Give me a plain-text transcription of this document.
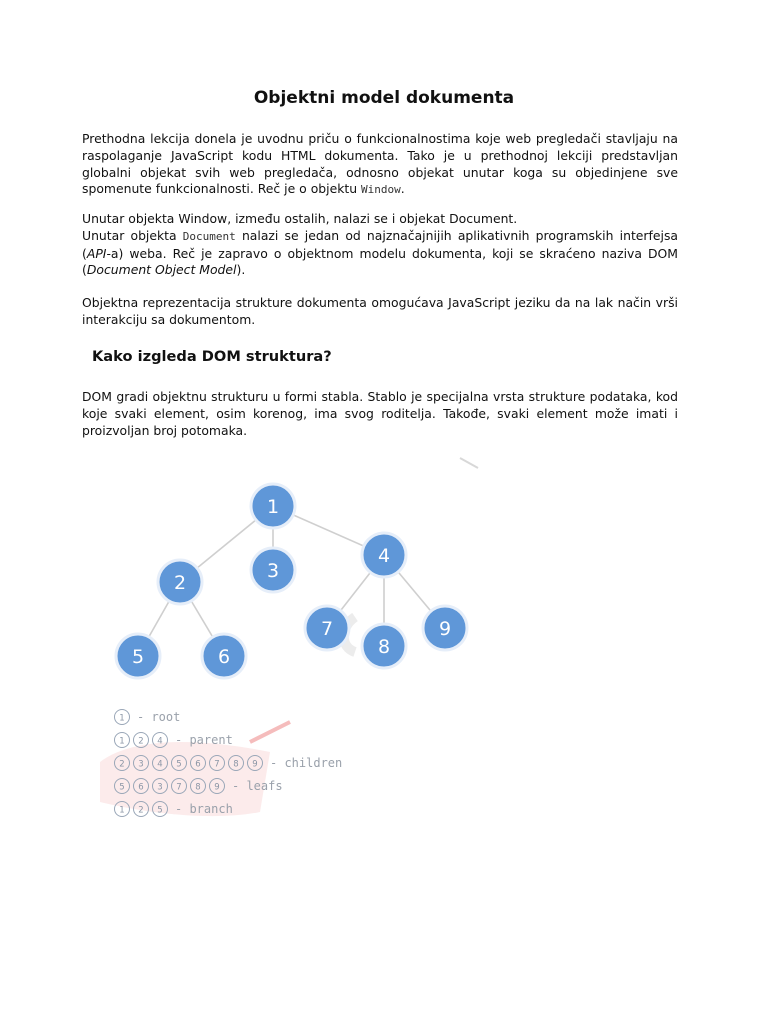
Objektni model dokumenta

Prethodna lekcija donela je uvodnu priču o funkcionalnostima koje web pregledači stavljaju na raspolaganje JavaScript kodu HTML dokumenta. Tako je u prethodnoj lekciji predstavljan globalni objekat svih web pregledača, odnosno objekat unutar koga su objedinjene sve spomenute funkcionalnosti. Reč je o objektu Window.

Unutar objekta Window, između ostalih, nalazi se i objekat Document.
Unutar objekta Document nalazi se jedan od najznačajnijih aplikativnih programskih interfejsa (API-a) weba. Reč je zapravo o objektnom modelu dokumenta, koji se skraćeno naziva DOM (Document Object Model).

Objektna reprezentacija strukture dokumenta omogućava JavaScript jeziku da na lak način vrši interakciju sa dokumentom.

Kako izgleda DOM struktura?

DOM gradi objektnu strukturu u formi stabla. Stablo je specijalna vrsta strukture podataka, kod koje svaki element, osim korenog, ima svog roditelja. Takođe, svaki element može imati i proizvoljan broj potomaka.

1
2
3
4
5	6
7
8
9
1 - root
1 2 4 - parent
2 3 4 5 6 7 8 9 - children
5 6 3 7 8 9 - leafs
1 2 5 - branch
